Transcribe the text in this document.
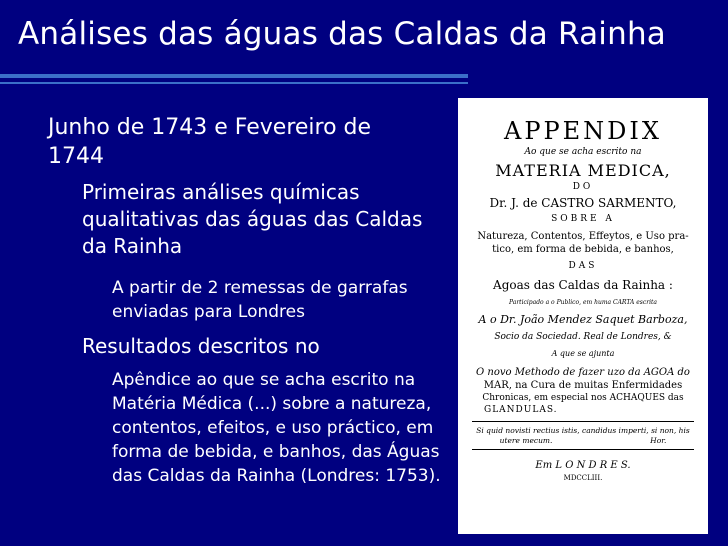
Análises das águas das Caldas da Rainha
Junho de 1743 e Fevereiro de 1744
Primeiras análises químicas qualitativas das águas das Caldas da Rainha
A partir de 2 remessas de garrafas enviadas para Londres
Resultados descritos no
Apêndice ao que se acha escrito na Matéria Médica (...) sobre a natureza, contentos, efeitos, e uso práctico, em forma de bebida, e banhos, das Águas das Caldas da Rainha (Londres: 1753).
APPENDIX
Ao que se acha escrito na
MATERIA MEDICA,
DO
Dr. J. de CASTRO SARMENTO,
SOBRE A
Natureza, Contentos, Effeytos, e Uso pra-
tico, em forma de bebida, e banhos,
DAS
Agoas das Caldas da Rainha :
Participado a o Publico, em huma CARTA escrita
A o Dr. João Mendez Saquet Barboza,
Socio da Sociedad. Real de Londres, &
A que se ajunta
O novo Methodo de fazer uzo da AGOA do
MAR, na Cura de muitas Enfermidades
Chronicas, em especial nos ACHAQUES das
GLANDULAS.
Si quid novisti rectius istis, candidus imperti, si non, his
utere mecum.                                         Hor.
Em L O N D R E S.
MDCCLIII.
